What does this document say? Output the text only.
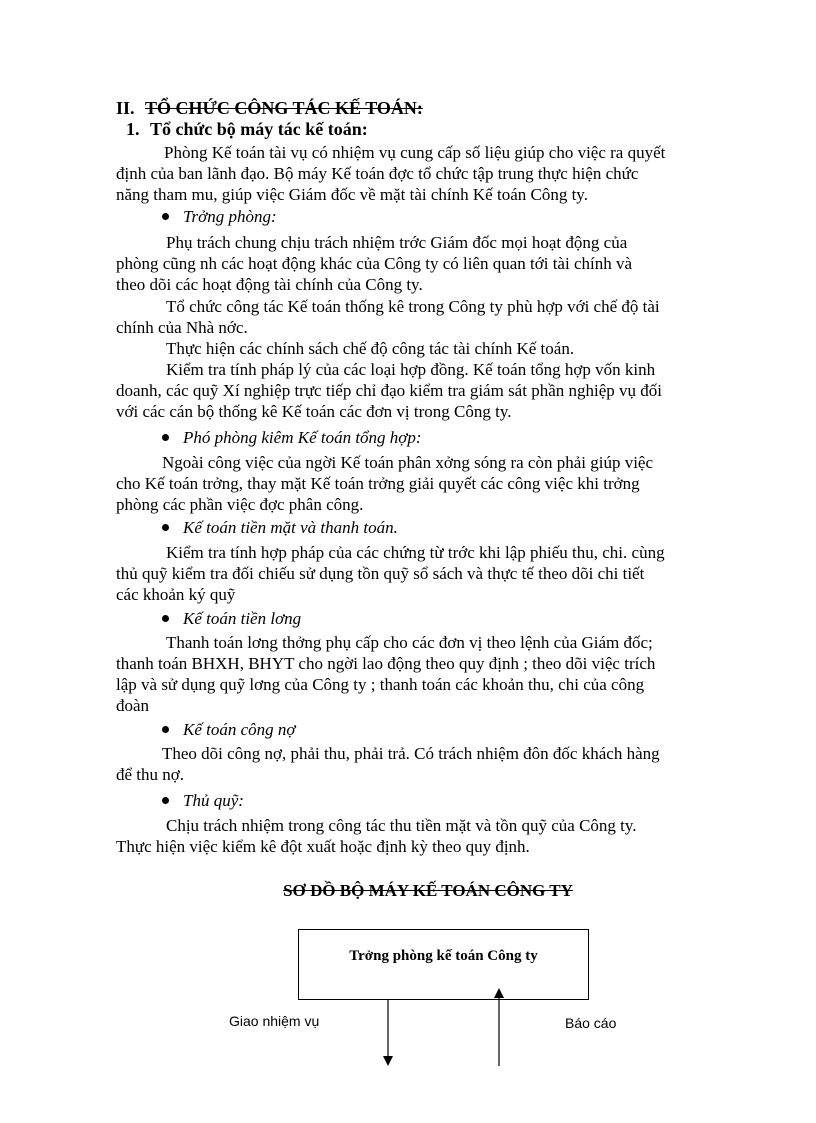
II. TỔ CHỨC CÔNG TÁC KẾ TOÁN:
1. Tổ chức bộ máy tác kế toán:
Phòng Kế toán tài vụ có nhiệm vụ cung cấp số liệu giúp cho việc ra quyết
định của ban lãnh đạo. Bộ máy Kế toán đợc tổ chức tập trung thực hiện chức
năng tham mu, giúp việc Giám đốc về mặt tài chính Kế toán Công ty.
Trởng phòng:
Phụ trách chung chịu trách nhiệm trớc Giám đốc mọi hoạt động của
phòng cũng nh các hoạt động khác của Công ty có liên quan tới tài chính và
theo dõi các hoạt động tài chính của Công ty.
Tổ chức công tác Kế toán thống kê trong Công ty phù hợp với chế độ tài
chính của Nhà nớc.
Thực hiện các chính sách chế độ công tác tài chính Kế toán.
Kiểm tra tính pháp lý của các loại hợp đồng. Kế toán tổng hợp vốn kinh
doanh, các quỹ Xí nghiệp trực tiếp chỉ đạo kiểm tra giám sát phần nghiệp vụ đối
với các cán bộ thống kê Kế toán các đơn vị trong Công ty.
Phó phòng kiêm Kế toán tổng hợp:
Ngoài công việc của ngời Kế toán phân xởng sóng ra còn phải giúp việc
cho Kế toán trởng, thay mặt Kế toán trởng giải quyết các công việc khi trởng
phòng các phần việc đợc phân công.
Kế toán tiền mặt và thanh toán.
Kiểm tra tính hợp pháp của các chứng từ trớc khi lập phiếu thu, chi. cùng
thủ quỹ kiểm tra đối chiếu sử dụng tồn quỹ sổ sách và thực tế theo dõi chi tiết
các khoản ký quỹ
Kế toán tiền lơng
Thanh toán lơng thởng phụ cấp cho các đơn vị theo lệnh của Giám đốc;
thanh toán BHXH, BHYT cho ngời lao động theo quy định ; theo dõi việc trích
lập và sử dụng quỹ lơng của Công ty ; thanh toán các khoản thu, chi của công
đoàn
Kế toán công nợ
Theo dõi công nợ, phải thu, phải trả. Có trách nhiệm đôn đốc khách hàng
để thu nợ.
Thủ quỹ:
Chịu trách nhiệm trong công tác thu tiền mặt và tồn quỹ của Công ty.
Thực hiện việc kiểm kê đột xuất hoặc định kỳ theo quy định.
SƠ ĐỒ BỘ MÁY KẾ TOÁN CÔNG TY
Trởng phòng kế toán Công ty
Giao nhiệm vụ	Báo cáo
